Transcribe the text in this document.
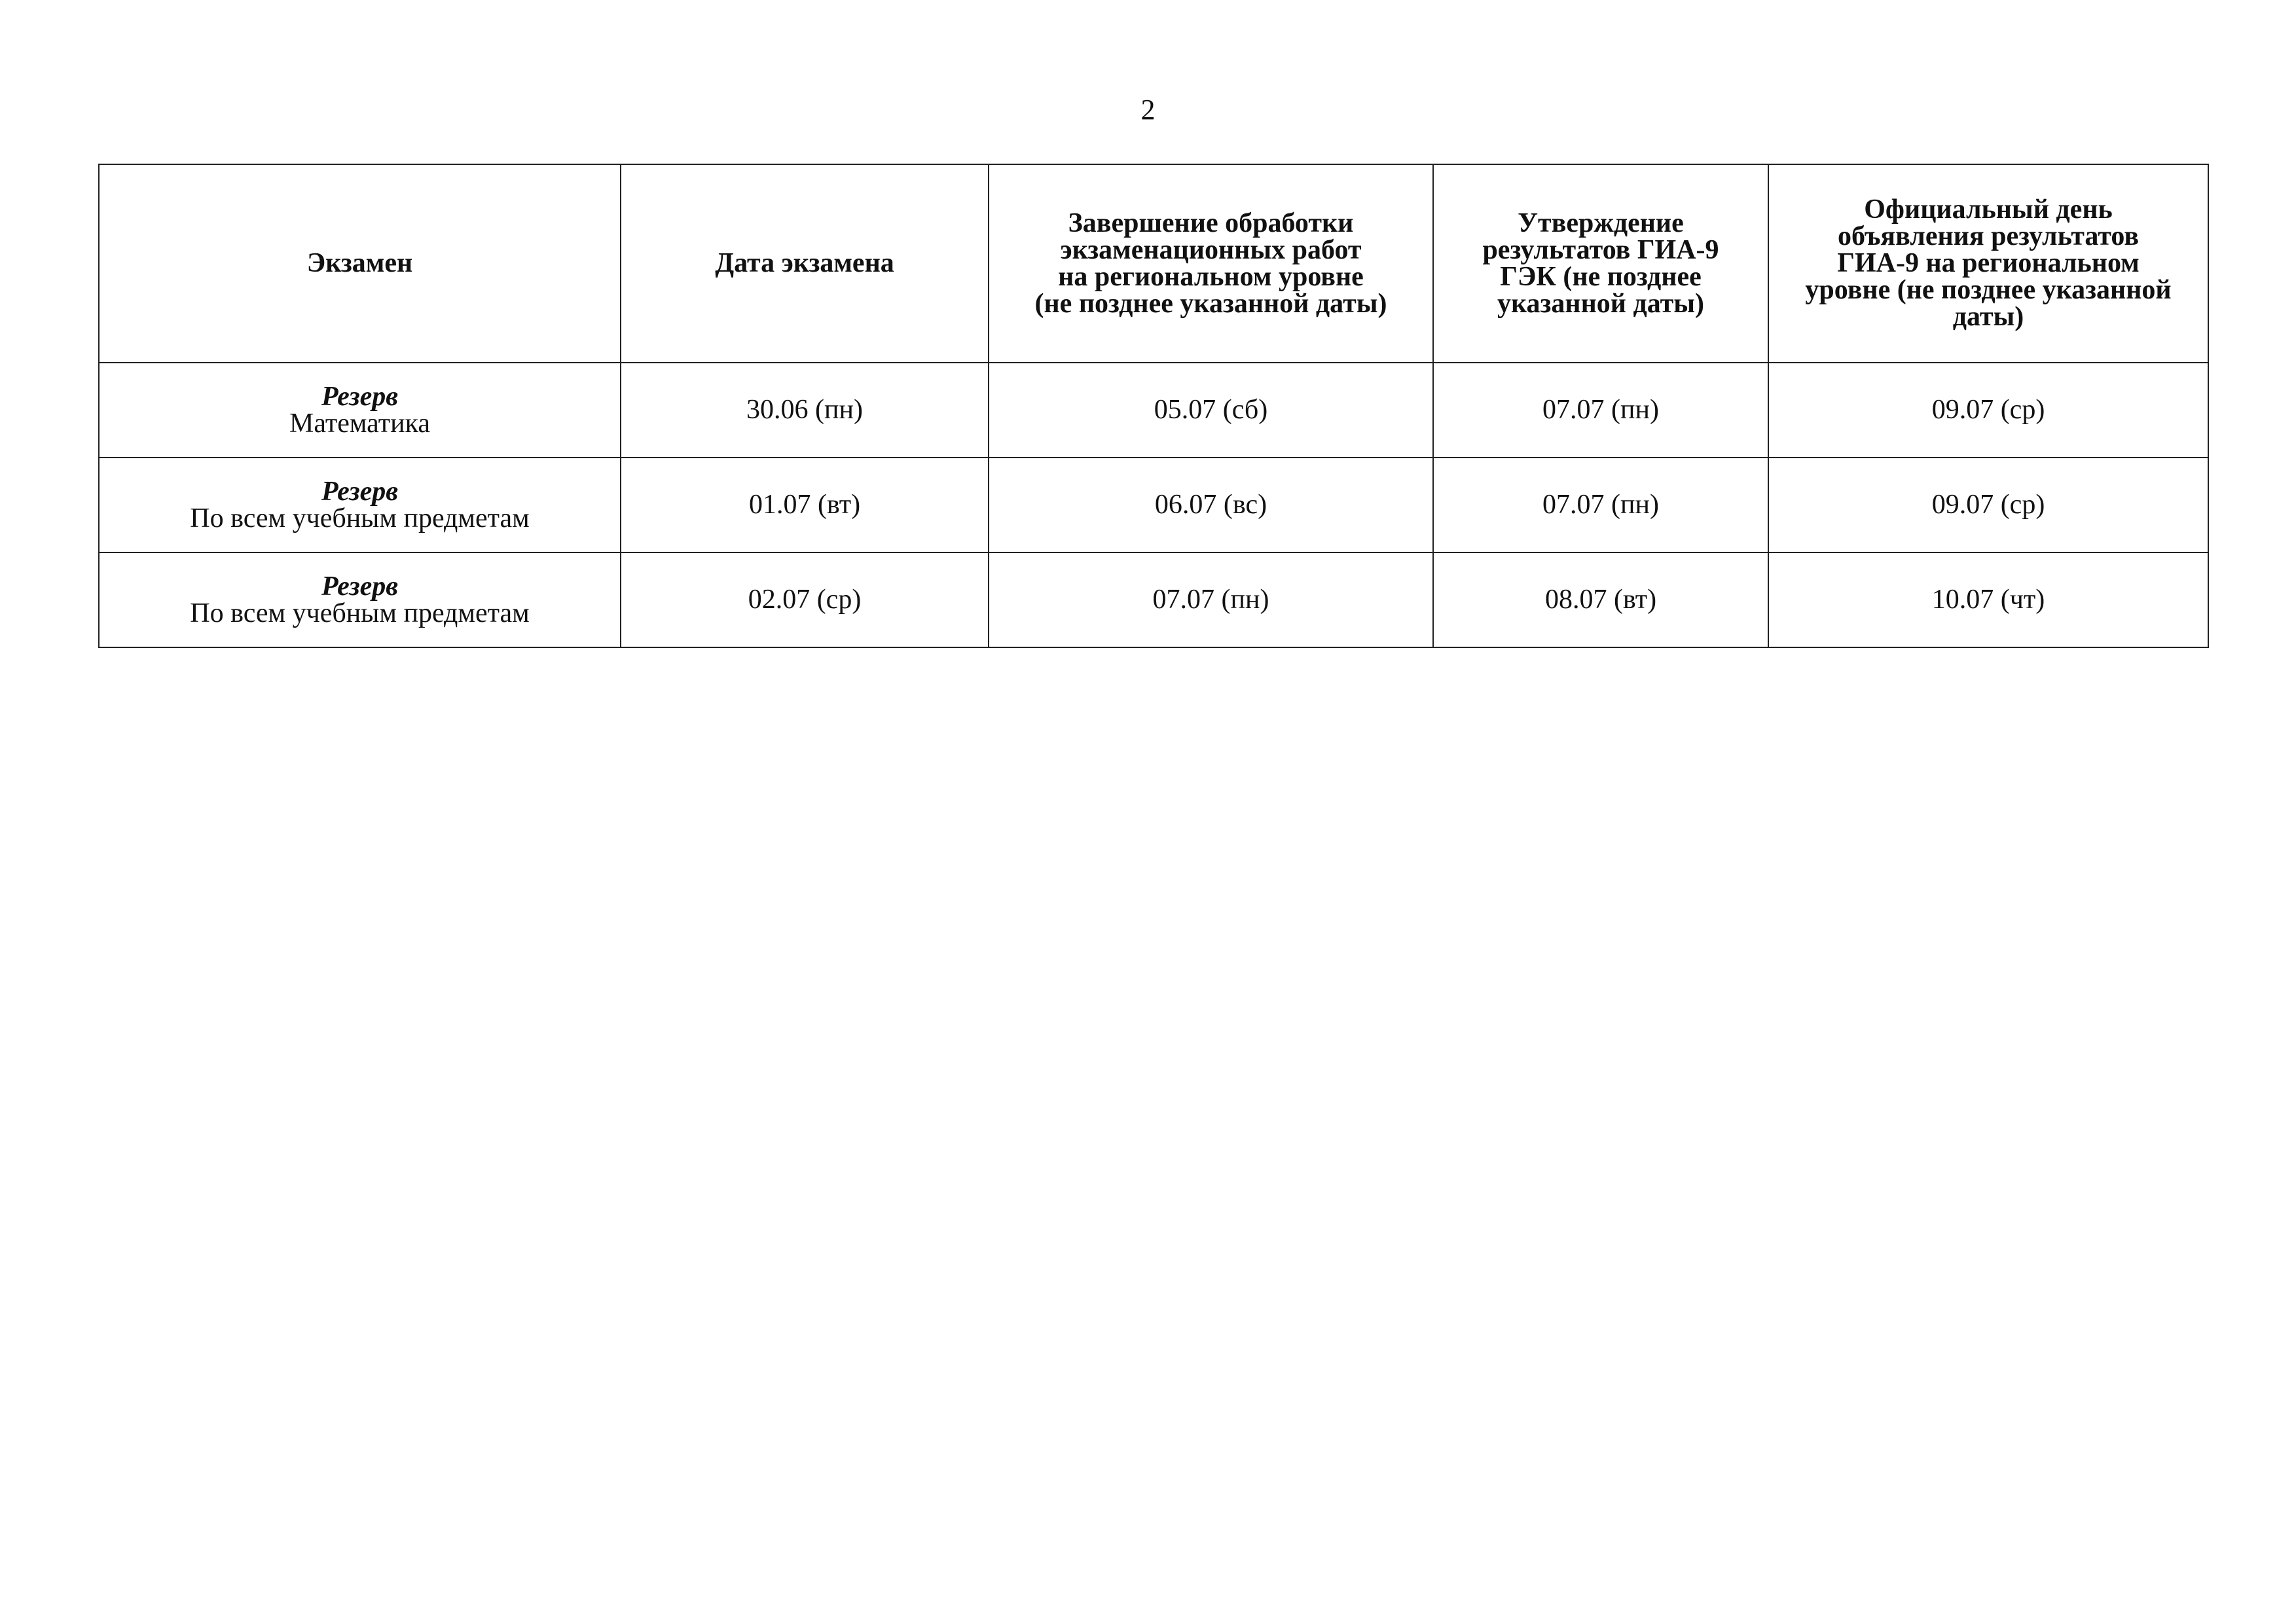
2
Экзамен	Дата экзамена	Завершение обработки
экзаменационных работ
на региональном уровне
(не позднее указанной даты)	Утверждение
результатов ГИА-9
ГЭК (не позднее
указанной даты)	Официальный день
объявления результатов
ГИА-9 на региональном
уровне (не позднее указанной
даты)

Резерв
Математика	30.06 (пн)	05.07 (сб)	07.07 (пн)	09.07 (ср)

Резерв
По всем учебным предметам	01.07 (вт)	06.07 (вс)	07.07 (пн)	09.07 (ср)

Резерв
По всем учебным предметам	02.07 (ср)	07.07 (пн)	08.07 (вт)	10.07 (чт)
